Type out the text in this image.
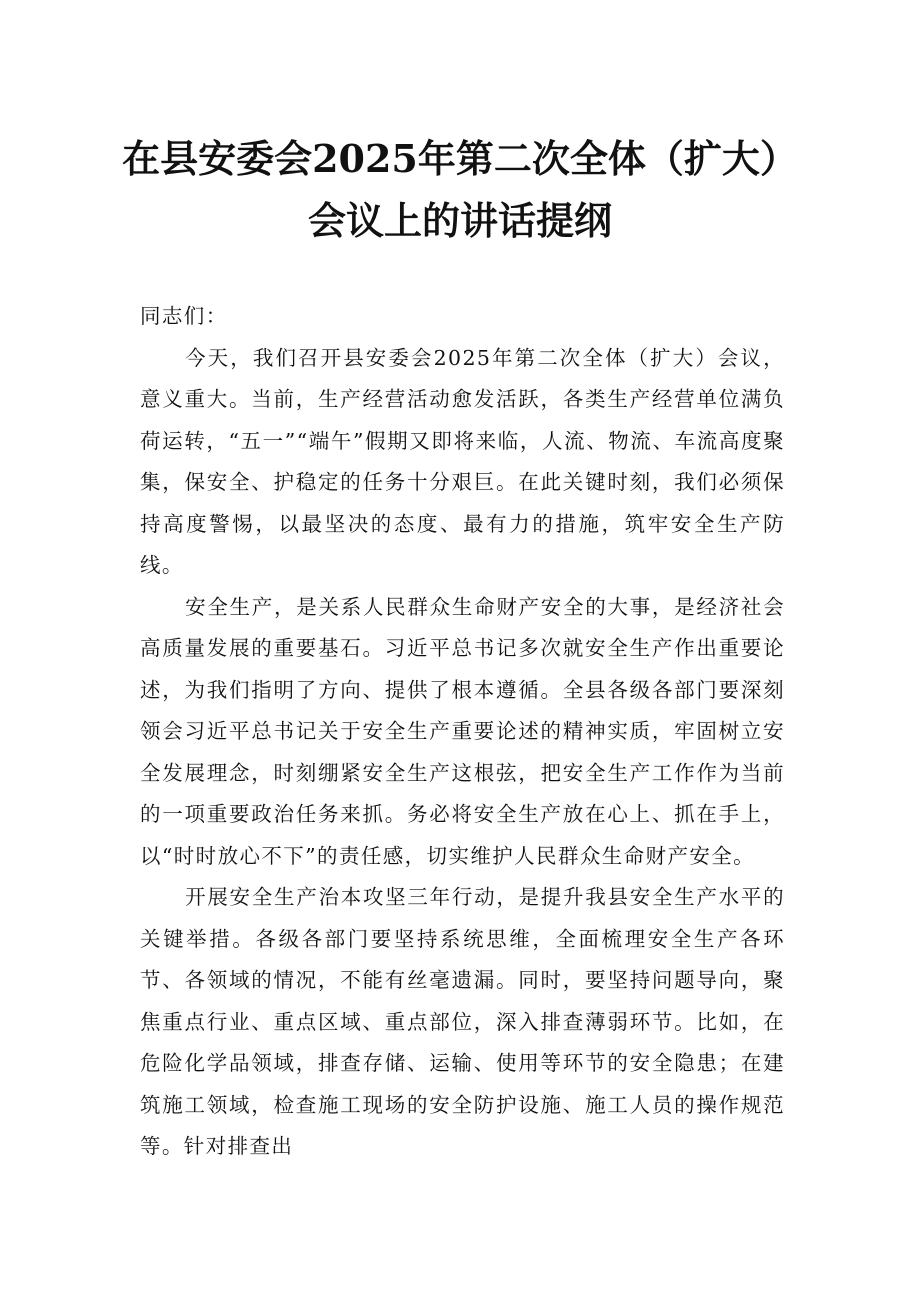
在县安委会2025年第二次全体（扩大）会议上的讲话提纲

同志们：

今天，我们召开县安委会2025年第二次全体（扩大）会议，意义重大。当前，生产经营活动愈发活跃，各类生产经营单位满负荷运转，“五一”“端午”假期又即将来临，人流、物流、车流高度聚集，保安全、护稳定的任务十分艰巨。在此关键时刻，我们必须保持高度警惕，以最坚决的态度、最有力的措施，筑牢安全生产防线。

安全生产，是关系人民群众生命财产安全的大事，是经济社会高质量发展的重要基石。习近平总书记多次就安全生产作出重要论述，为我们指明了方向、提供了根本遵循。全县各级各部门要深刻领会习近平总书记关于安全生产重要论述的精神实质，牢固树立安全发展理念，时刻绷紧安全生产这根弦，把安全生产工作作为当前的一项重要政治任务来抓。务必将安全生产放在心上、抓在手上，以“时时放心不下”的责任感，切实维护人民群众生命财产安全。

开展安全生产治本攻坚三年行动，是提升我县安全生产水平的关键举措。各级各部门要坚持系统思维，全面梳理安全生产各环节、各领域的情况，不能有丝毫遗漏。同时，要坚持问题导向，聚焦重点行业、重点区域、重点部位，深入排查薄弱环节。比如，在危险化学品领域，排查存储、运输、使用等环节的安全隐患；在建筑施工领域，检查施工现场的安全防护设施、施工人员的操作规范等。针对排查出
